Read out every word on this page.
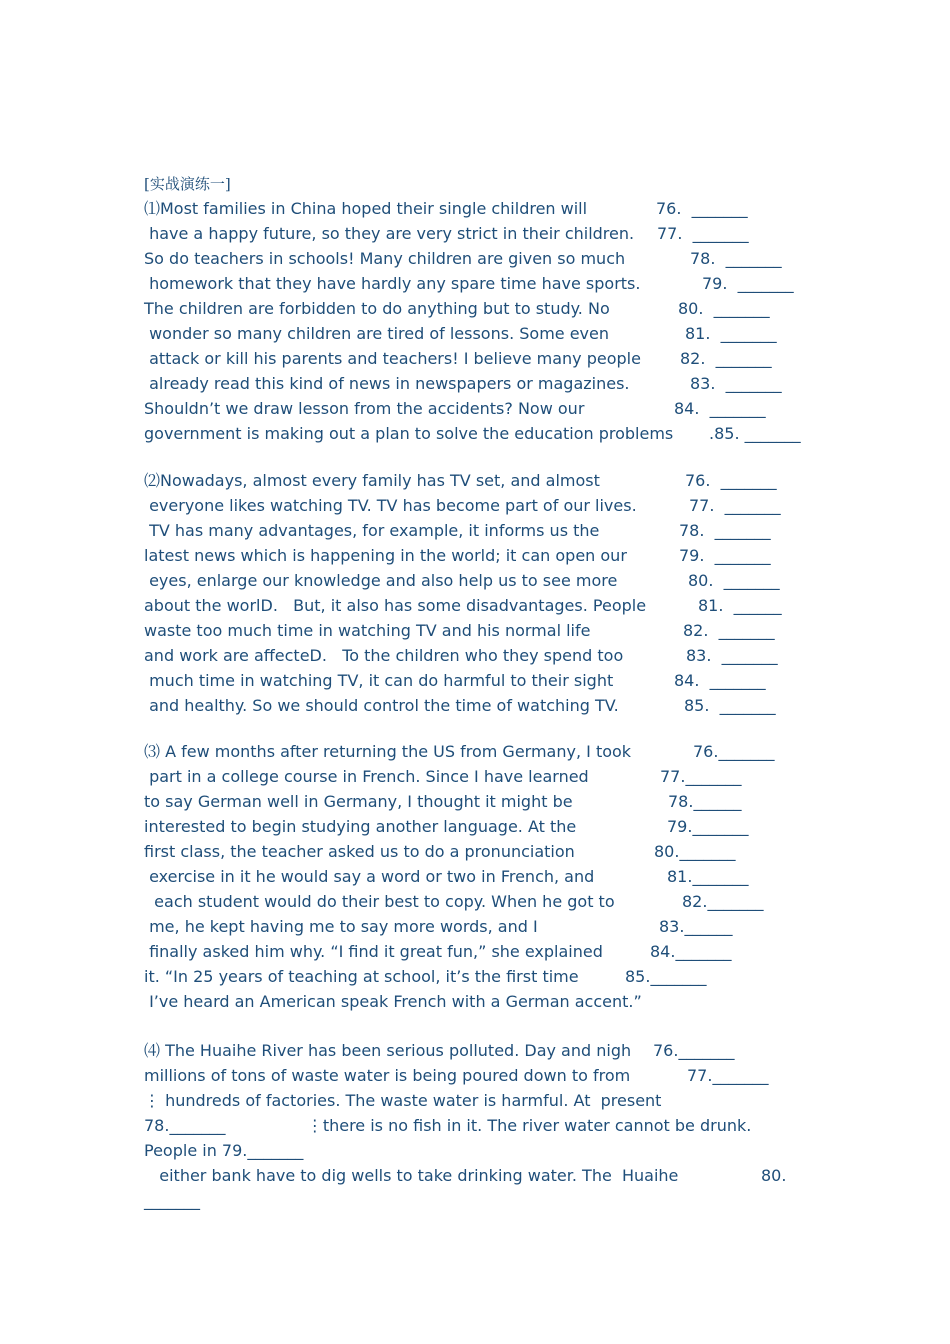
[实战演练一]
⑴Most families in China hoped their single children will	76.  _______
have a happy future, so they are very strict in their children. 77.  _______
So do teachers in schools! Many children are given so much	78.  _______
homework that they have hardly any spare time have sports.	79.  _______
The children are forbidden to do anything but to study. No	80.  _______
wonder so many children are tired of lessons. Some even	81.  _______
attack or kill his parents and teachers! I believe many people 82.  _______
already read this kind of news in newspapers or magazines.	83.  _______
Shouldn’t we draw lesson from the accidents? Now our	84.  _______
government is making out a plan to solve the education problems .85. _______
⑵Nowadays, almost every family has TV set, and almost	76.  _______
everyone likes watching TV. TV has become part of our lives.	77.  _______
TV has many advantages, for example, it informs us the	78.  _______
latest news which is happening in the world; it can open our	79.  _______
eyes, enlarge our knowledge and also help us to see more	80.  _______
about the worlD.   But, it also has some disadvantages. People	81.  ______
waste too much time in watching TV and his normal life	82.  _______
and work are affecteD.   To the children who they spend too	83.  _______
much time in watching TV, it can do harmful to their sight	84.  _______
and healthy. So we should control the time of watching TV.	85.  _______
⑶ A few months after returning the US from Germany, I took	76._______
part in a college course in French. Since I have learned	77._______
to say German well in Germany, I thought it might be	78.______
interested to begin studying another language. At the	79._______
first class, the teacher asked us to do a pronunciation	80._______
exercise in it he would say a word or two in French, and	81._______
each student would do their best to copy. When he got to	82._______
me, he kept having me to say more words, and I	83.______
finally asked him why. “I find it great fun,” she explained	84._______
it. “In 25 years of teaching at school, it’s the first time	85._______
I’ve heard an American speak French with a German accent.”
⑷ The Huaihe River has been serious polluted. Day and nigh 76._______
millions of tons of waste water is being poured down to from	77._______
⋮ hundreds of factories. The waste water is harmful. At  present
78._______                ⋮there is no fish in it. The river water cannot be drunk.
People in 79._______
either bank have to dig wells to take drinking water. The  Huaihe	80.
_______
